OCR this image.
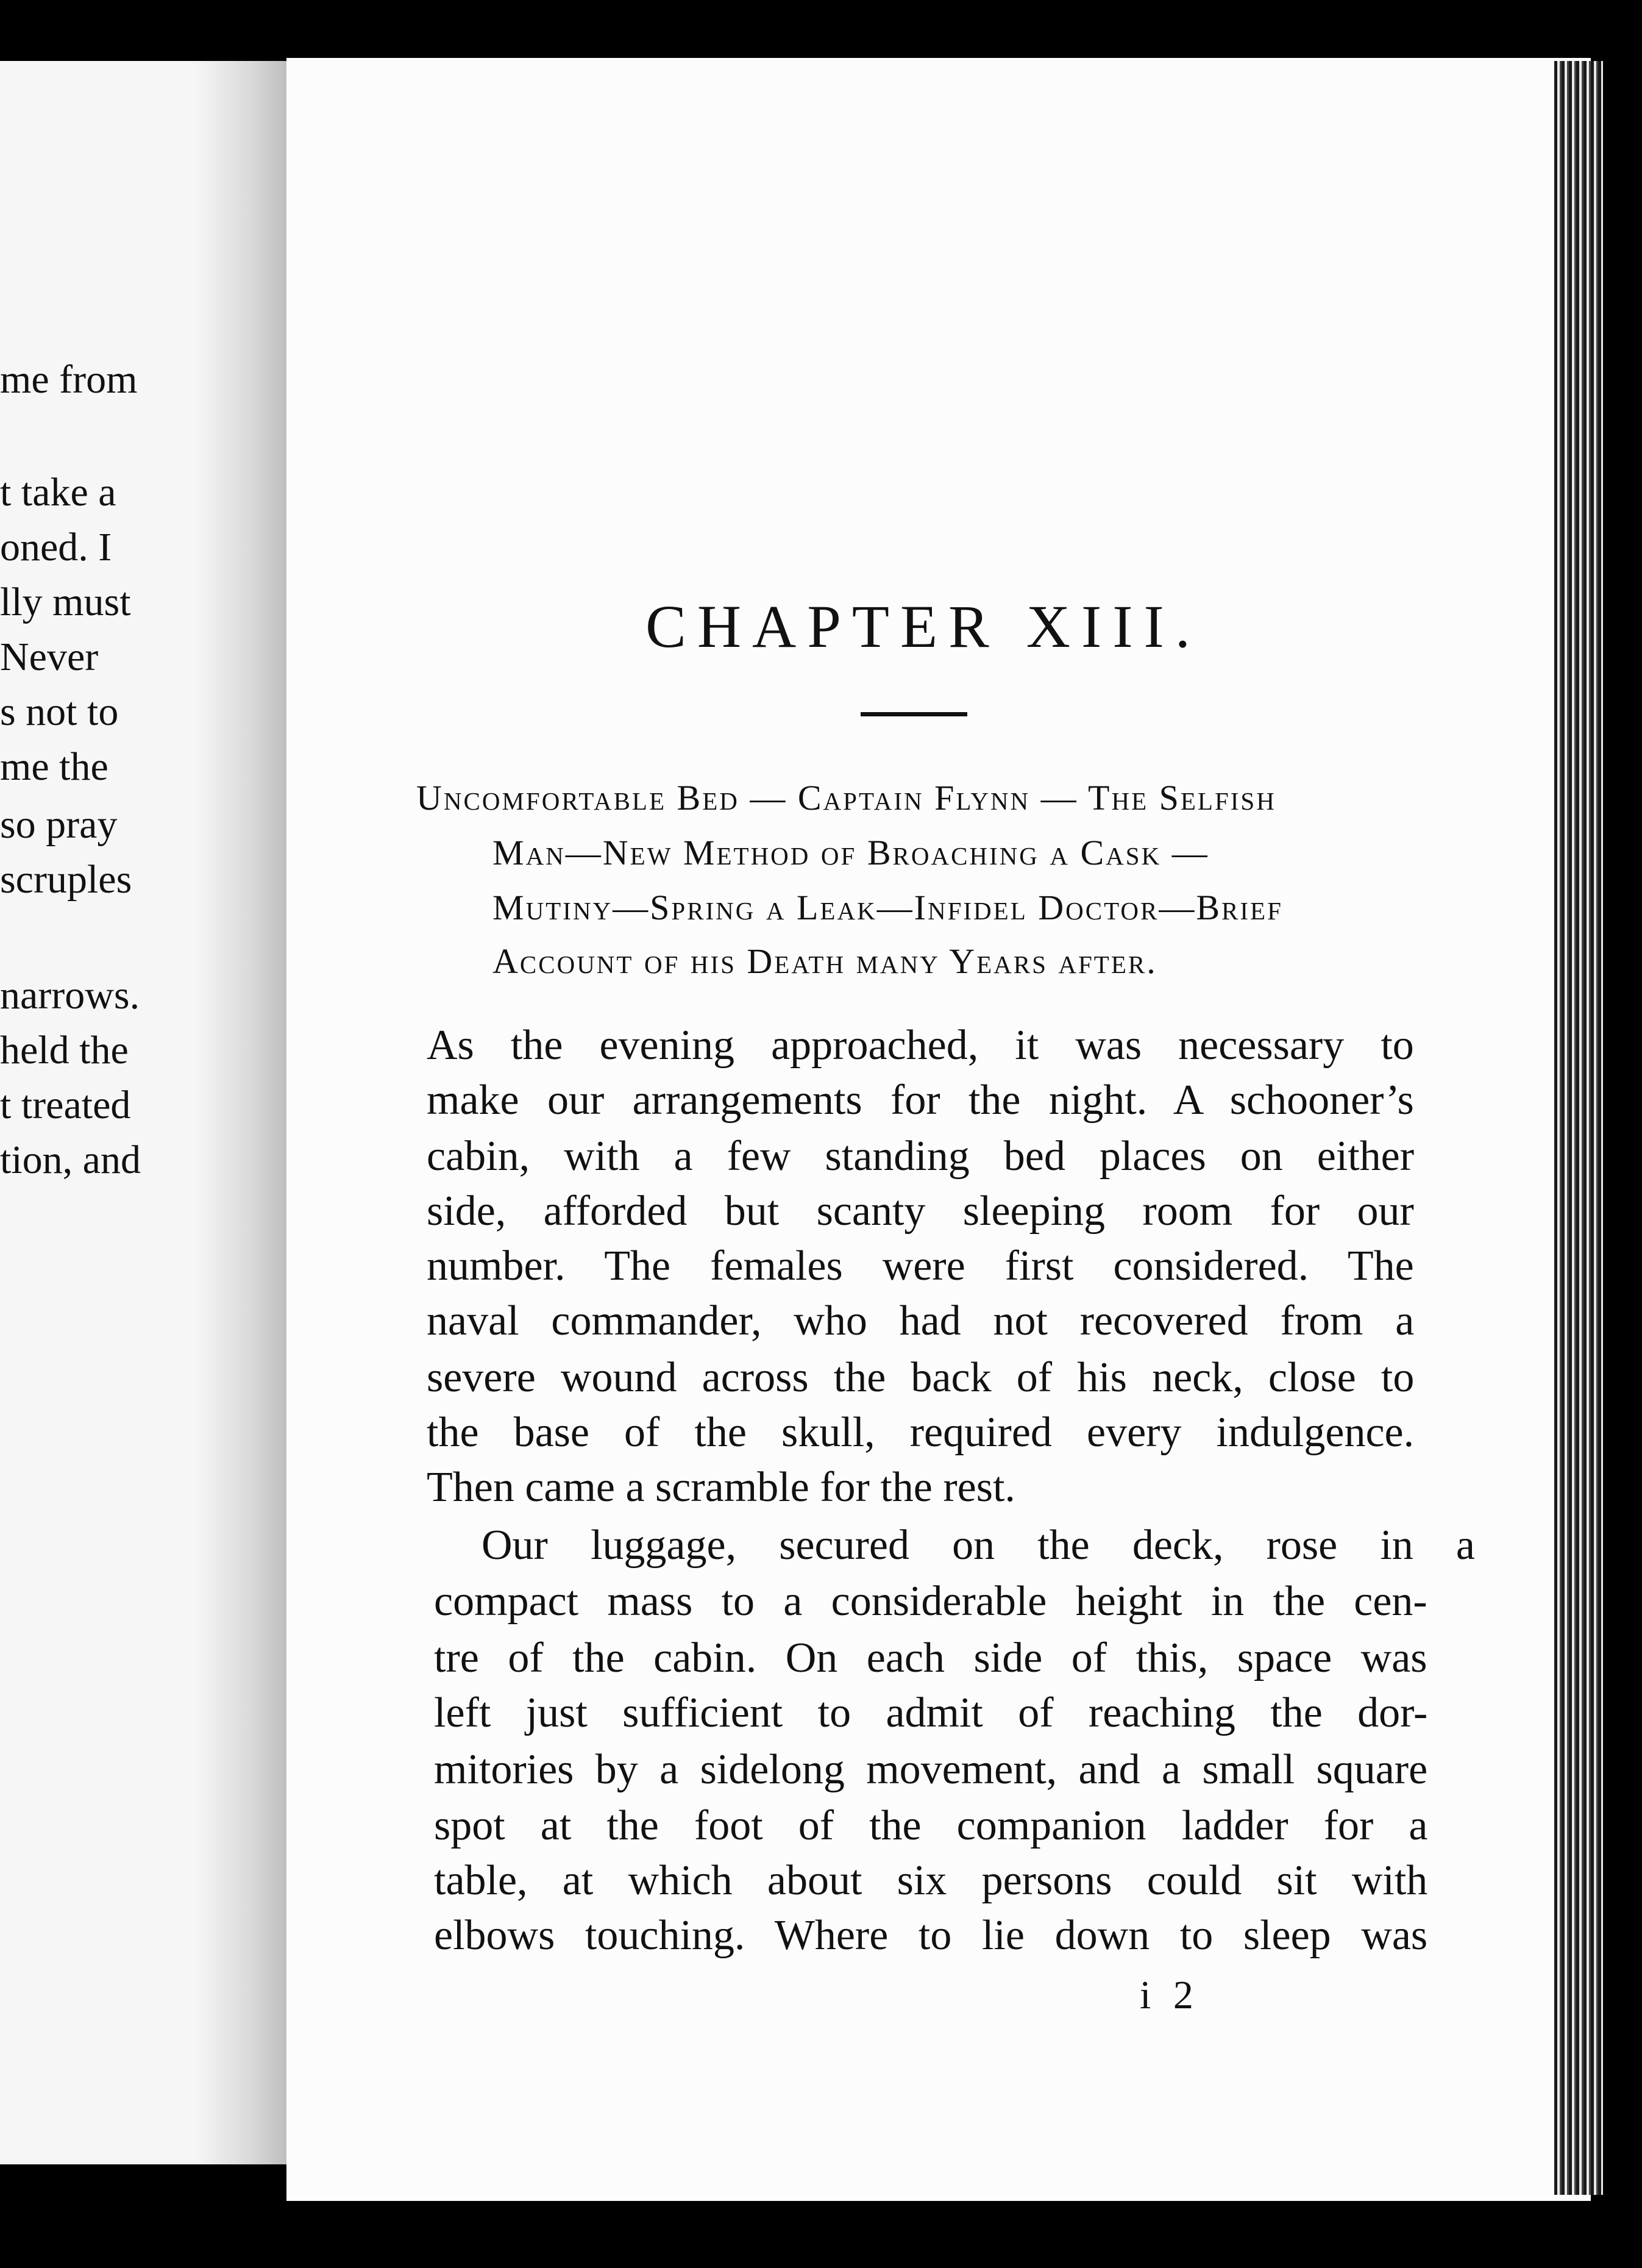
me from
t take a
oned. I
lly must
Never
s not to
me the
so pray
scruples
narrows.
held the
t treated
tion, and
CHAPTER XIII.
Uncomfortable Bed — Captain Flynn — The Selfish
Man—New Method of Broaching a Cask —
Mutiny—Spring a Leak—Infidel Doctor—Brief
Account of his Death many Years after.
As the evening approached, it was necessary to
make our arrangements for the night. A schooner’s
cabin, with a few standing bed places on either
side, afforded but scanty sleeping room for our
number. The females were first considered. The
naval commander, who had not recovered from a
severe wound across the back of his neck, close to
the base of the skull, required every indulgence.
Then came a scramble for the rest.
Our luggage, secured on the deck, rose in a
compact mass to a considerable height in the cen-
tre of the cabin. On each side of this, space was
left just sufficient to admit of reaching the dor-
mitories by a sidelong movement, and a small square
spot at the foot of the companion ladder for a
table, at which about six persons could sit with
elbows touching. Where to lie down to sleep was
i 2
